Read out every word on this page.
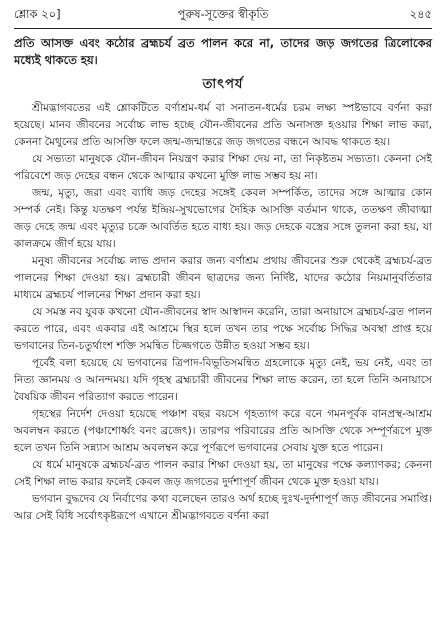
শ্লোক ২০]	পুরুষ-সূক্তের স্বীকৃতি	২৪৫
প্রতি আসক্ত এবং কঠোর ব্রহ্মচর্য ব্রত পালন করে না, তাদের জড় জগতের ত্রিলোকের মধ্যেই থাকতে হয়।
তাৎপর্য

শ্রীমদ্ভাগবতের এই শ্লোকটিতে বর্ণাশ্রম-ধর্ম বা সনাতন-ধর্মের চরম লক্ষ্য স্পষ্টভাবে বর্ণনা করা হয়েছে। মানব জীবনের সর্বোচ্চ লাভ হচ্ছে যৌন-জীবনের প্রতি অনাসক্ত হওয়ার শিক্ষা লাভ করা, কেননা মৈথুনের প্রতি আসক্তি ফলে জন্ম-জন্মান্তরে জড় জগতের বন্ধনে আবদ্ধ থাকতে হয়।

যে সভ্যতা মানুষকে যৌন-জীবন নিয়ন্ত্রণ করার শিক্ষা দেয় না, তা নিকৃষ্টতম সভ্যতা। কেননা সেই পরিবেশে জড় দেহের বন্ধন থেকে আত্মার কখনো মুক্তি লাভ সম্ভব হয় না।

জন্ম, মৃত্যু, জরা এবং ব্যাধি জড় দেহের সঙ্গেই কেবল সম্পর্কিত, তাদের সঙ্গে আত্মার কোন সম্পর্ক নেই। কিন্তু যতক্ষণ পর্যন্ত ইন্দ্রিয়-সুখভোগের দৈহিক আসক্তি বর্তমান থাকে, ততক্ষণ জীবাত্মা জড় দেহে জন্ম এবং মৃত্যুর চক্রে আবর্তিত হতে বাধ্য হয়। জড় দেহকে বস্ত্রের সঙ্গে তুলনা করা হয়, যা কালক্রমে জীর্ণ হয়ে যায়।

মনুষ্য জীবনের সর্বোচ্চ লাভ প্রদান করার জন্য বর্ণাশ্রম প্রথায় জীবনের শুরু থেকেই ব্রহ্মচর্য-ব্রত পালনের শিক্ষা দেওয়া হয়। ব্রহ্মচারী জীবন ছাত্রদের জন্য নির্দিষ্ট, যাদের কঠোর নিয়মানুবর্তিতার মাধ্যমে ব্রহ্মচর্য পালনের শিক্ষা প্রদান করা হয়।

যে সমস্ত নব যুবক কখনো যৌন-জীবনের স্বাদ আস্বাদন করেনি, তারা অনায়াসে ব্রহ্মচর্য-ব্রত পালন করতে পারে, এবং একবার এই আশ্রমে স্থির হলে তখন তার পক্ষে সর্বোচ্চ সিদ্ধির অবস্থা প্রাপ্ত হয়ে ভগবানের তিন-চতুর্থাংশ শক্তি সমন্বিত চিজ্জগতে উন্নীত হওয়া সম্ভব হয়।

পূর্বেই বলা হয়েছে যে ভগবানের ত্রিপাদ-বিভূতিসমন্বিত গ্রহলোকে মৃত্যু নেই, ভয় নেই, এবং তা নিত্য জ্ঞানময় ও আনন্দময়। যদি গৃহস্থ ব্রহ্মচারী জীবনের শিক্ষা লাভ করেন, তা হলে তিনি অনায়াসে বৈষয়িক জীবন পরিত্যাগ করতে পারেন।

গৃহস্থের নির্দেশ দেওয়া হয়েছে পঞ্চাশ বছর বয়সে গৃহত্যাগ করে বনে গমনপূর্বক বানপ্রস্থ-আশ্রম অবলম্বন করতে (পঞ্চাশোর্ধ্বং বনং ব্রজেৎ)। তারপর পরিবারের প্রতি আসক্তি থেকে সম্পূর্ণরূপে মুক্ত হলে তখন তিনি সন্ন্যাস আশ্রম অবলম্বন করে পূর্ণরূপে ভগবানের সেবায় যুক্ত হতে পারেন।

যে ধর্মে মানুষকে ব্রহ্মচর্য-ব্রত পালন করার শিক্ষা দেওয়া হয়, তা মানুষের পক্ষে কল্যাণকর; কেননা সেই শিক্ষা লাভ করার ফলেই কেবল জড় জগতের দুর্দশাপূর্ণ জীবন থেকে মুক্ত হওয়া যায়।

ভগবান বুদ্ধদেব যে নির্বাণের কথা বলেছেন তারও অর্থ হচ্ছে দুঃখ-দুর্দশাপূর্ণ জড় জীবনের সমাপ্তি। আর সেই বিধি সর্বোৎকৃষ্টরূপে এখানে শ্রীমদ্ভাগবতে বর্ণনা করা
